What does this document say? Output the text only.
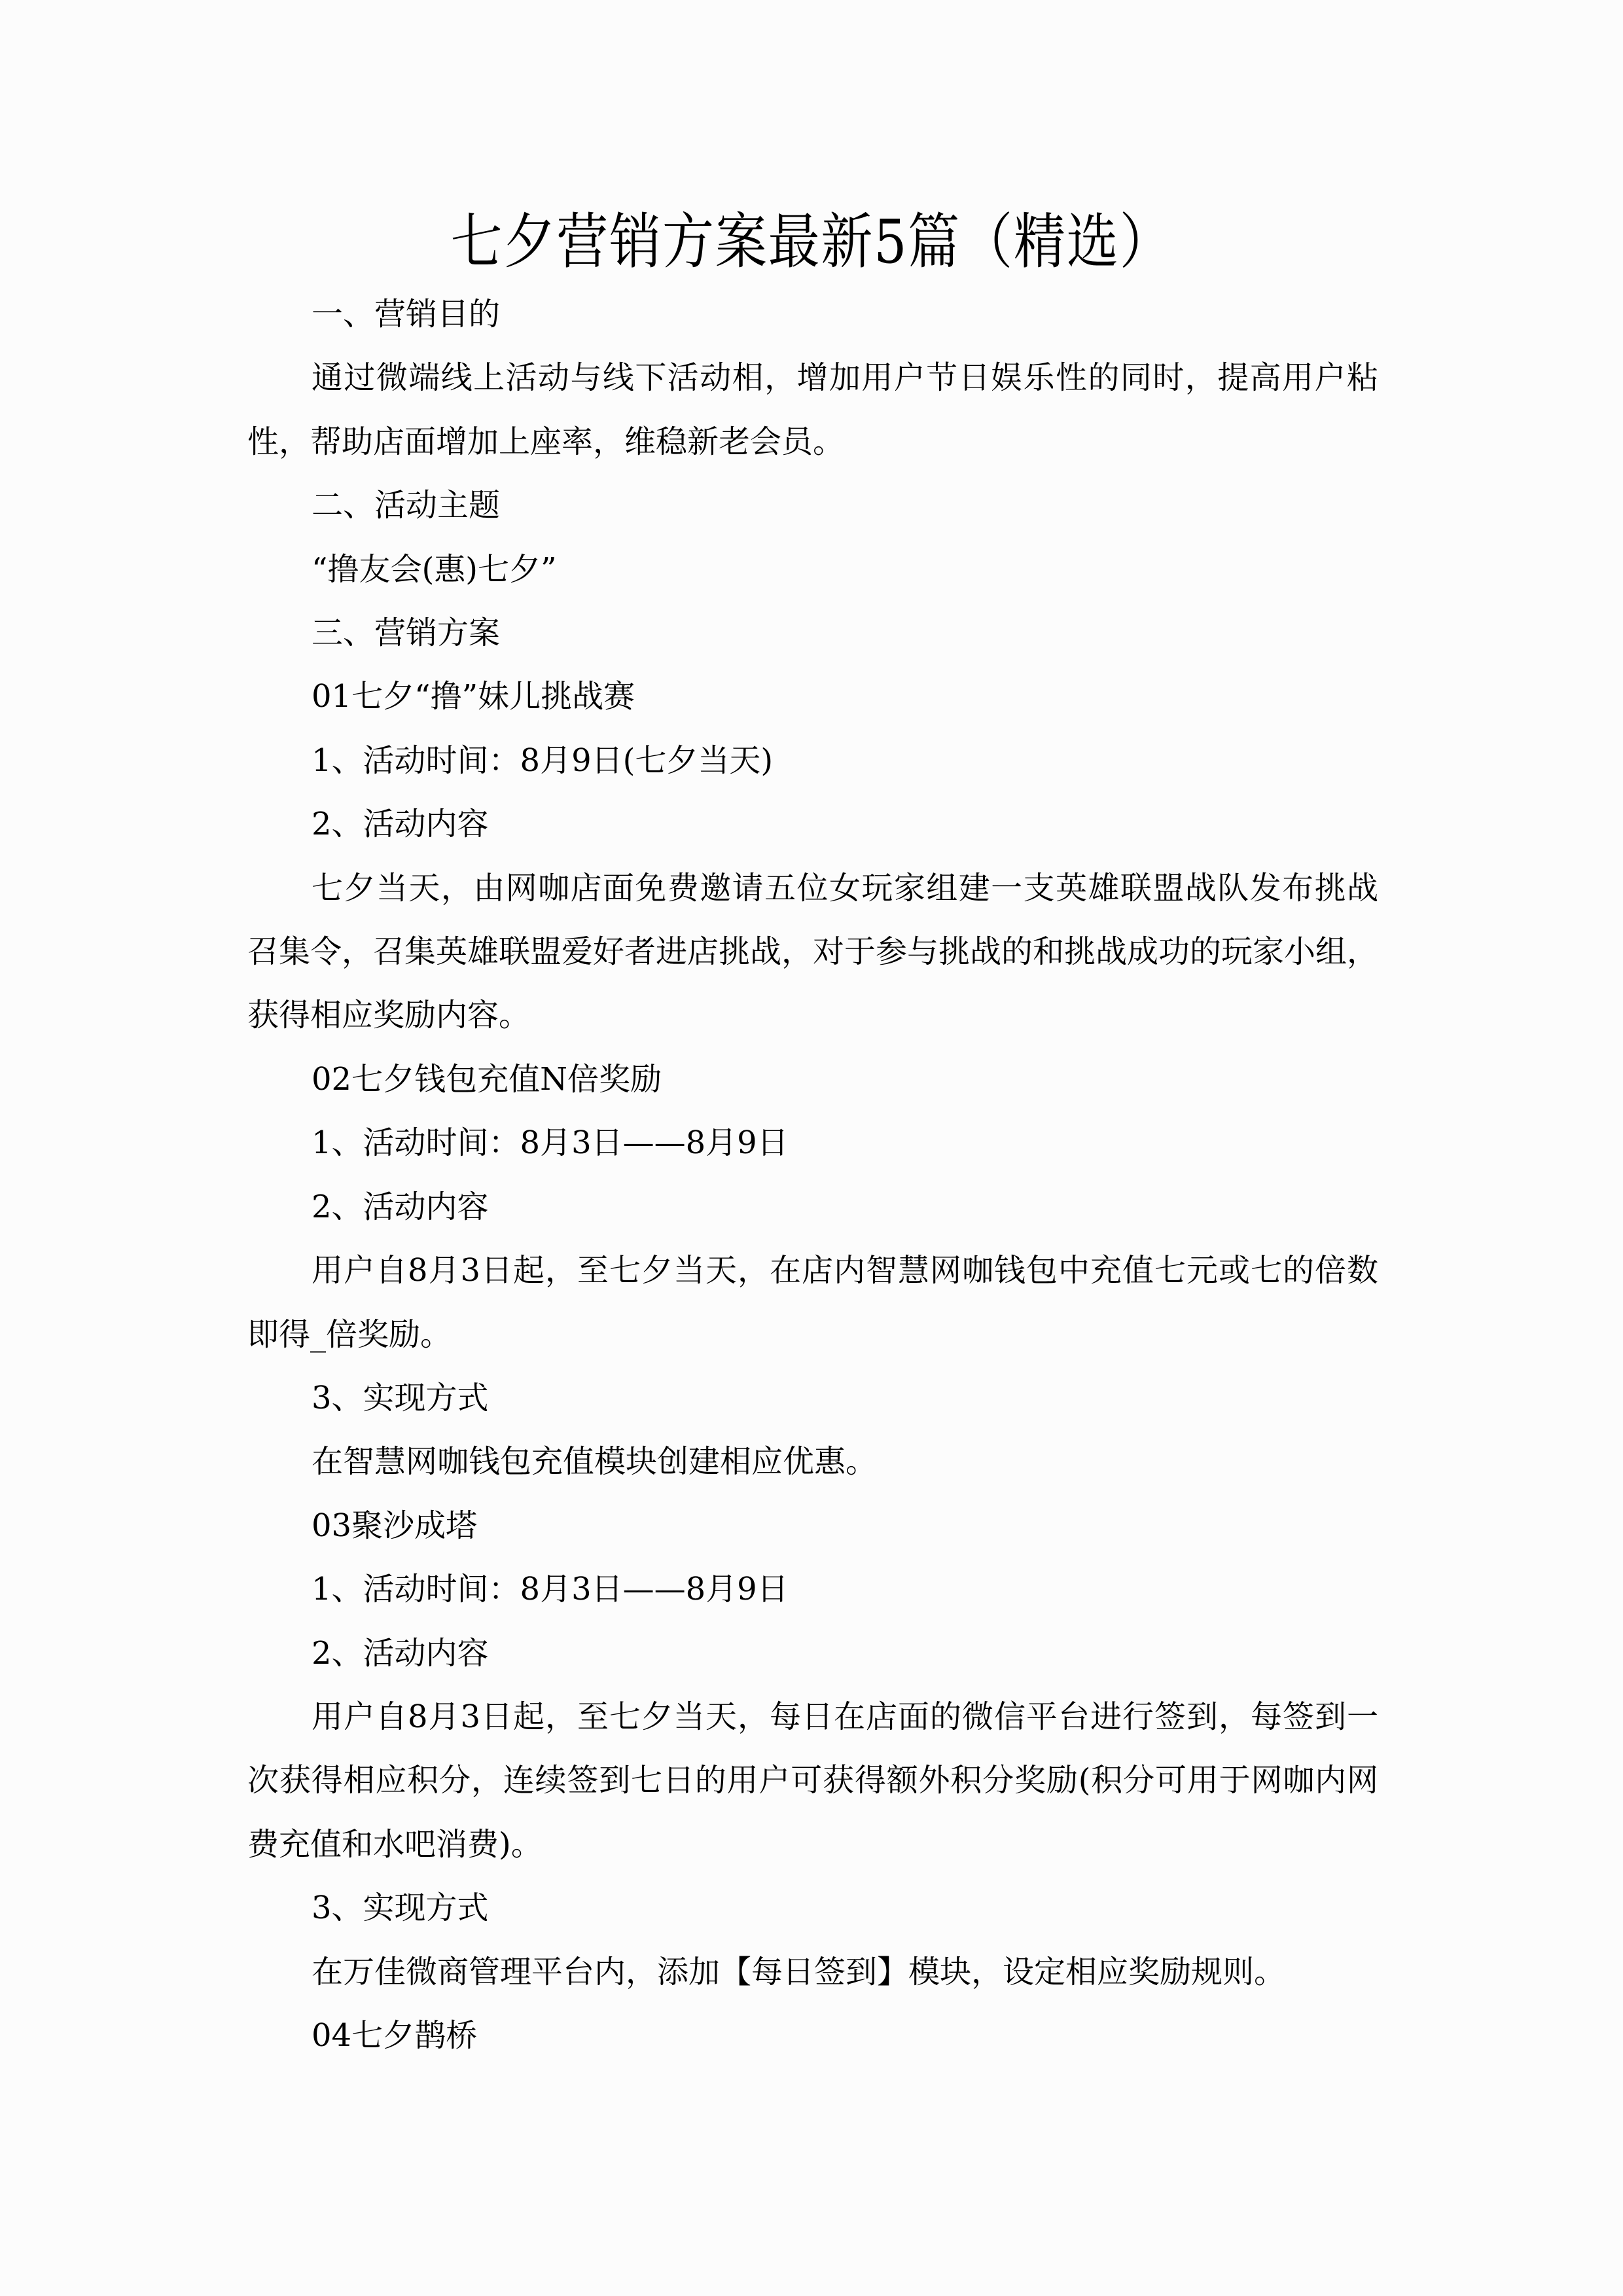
七夕营销方案最新5篇（精选）

一、营销目的

通过微端线上活动与线下活动相，增加用户节日娱乐性的同时，提高用户粘性，帮助店面增加上座率，维稳新老会员。

二、活动主题

“撸友会(惠)七夕”

三、营销方案

01七夕“撸”妹儿挑战赛

1、活动时间：8月9日(七夕当天)

2、活动内容

七夕当天，由网咖店面免费邀请五位女玩家组建一支英雄联盟战队发布挑战召集令，召集英雄联盟爱好者进店挑战，对于参与挑战的和挑战成功的玩家小组，获得相应奖励内容。

02七夕钱包充值N倍奖励

1、活动时间：8月3日——8月9日

2、活动内容

用户自8月3日起，至七夕当天，在店内智慧网咖钱包中充值七元或七的倍数即得_倍奖励。

3、实现方式

在智慧网咖钱包充值模块创建相应优惠。

03聚沙成塔

1、活动时间：8月3日——8月9日

2、活动内容

用户自8月3日起，至七夕当天，每日在店面的微信平台进行签到，每签到一次获得相应积分，连续签到七日的用户可获得额外积分奖励(积分可用于网咖内网费充值和水吧消费)。

3、实现方式

在万佳微商管理平台内，添加【每日签到】模块，设定相应奖励规则。

04七夕鹊桥
